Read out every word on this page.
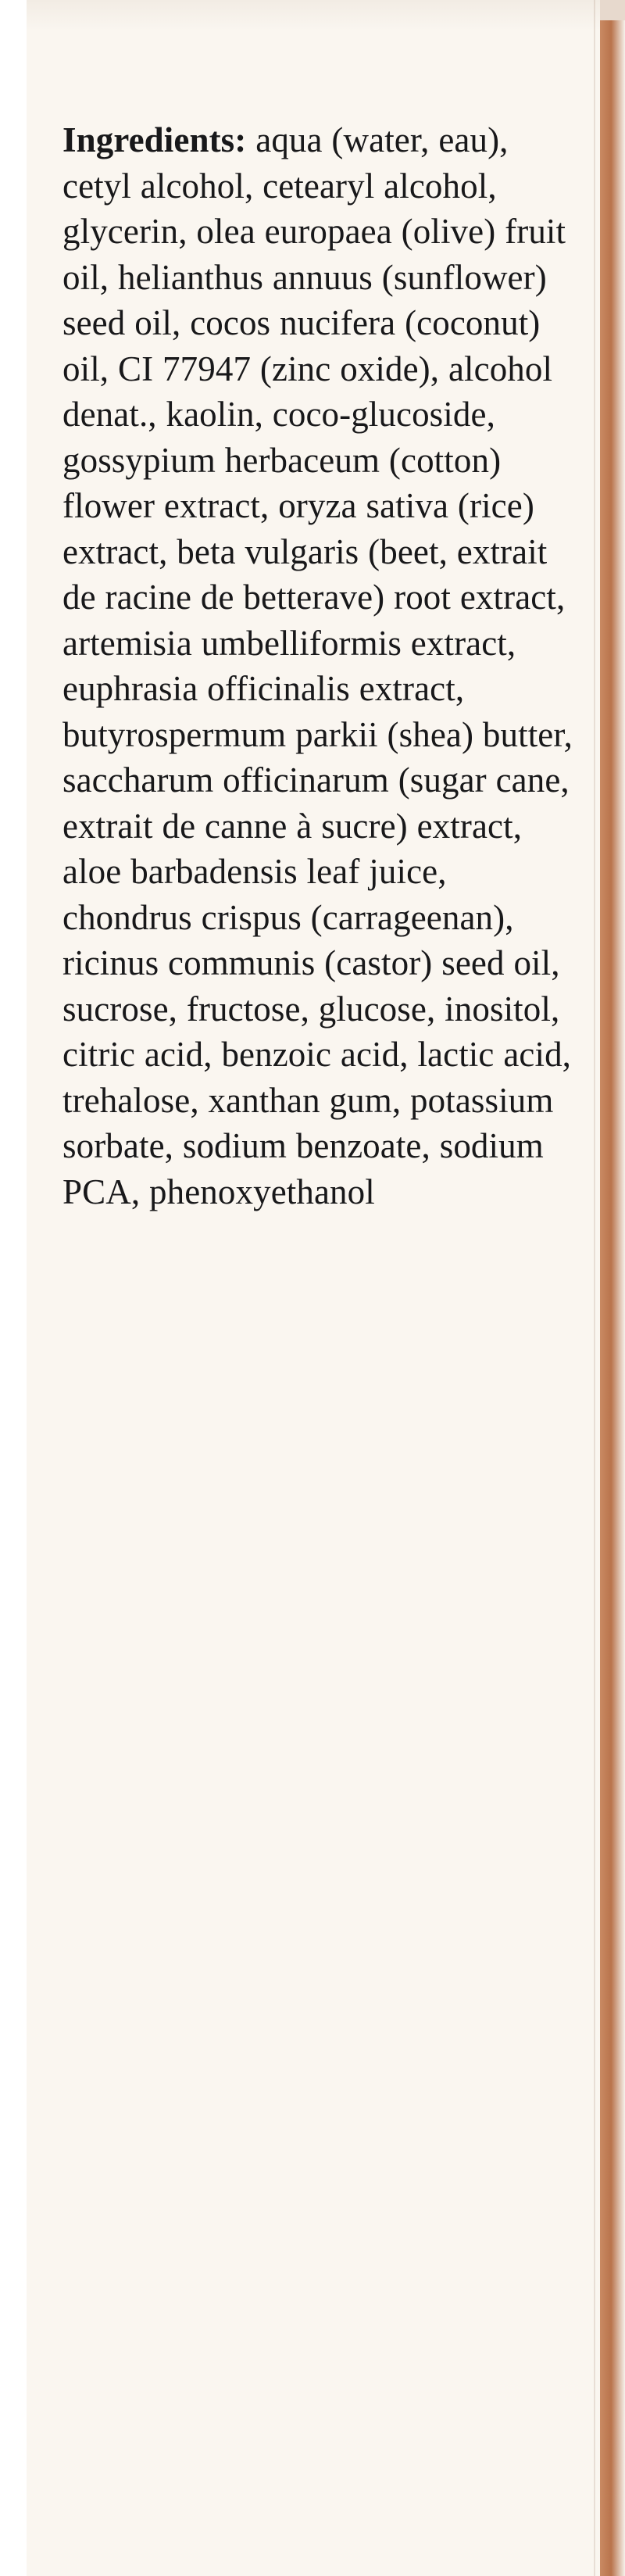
Ingredients: aqua (water, eau), cetyl alcohol, cetearyl alcohol, glycerin, olea europaea (olive) fruit oil, helianthus annuus (sunflower) seed oil, cocos nucifera (coconut) oil, CI 77947 (zinc oxide), alcohol denat., kaolin, coco-glucoside, gossypium herbaceum (cotton) flower extract, oryza sativa (rice) extract, beta vulgaris (beet, extrait de racine de betterave) root extract, artemisia umbelliformis extract, euphrasia officinalis extract, butyrospermum parkii (shea) butter, saccharum officinarum (sugar cane, extrait de canne à sucre) extract, aloe barbadensis leaf juice, chondrus crispus (carrageenan), ricinus communis (castor) seed oil, sucrose, fructose, glucose, inositol, citric acid, benzoic acid, lactic acid, trehalose, xanthan gum, potassium sorbate, sodium benzoate, sodium PCA, phenoxyethanol
